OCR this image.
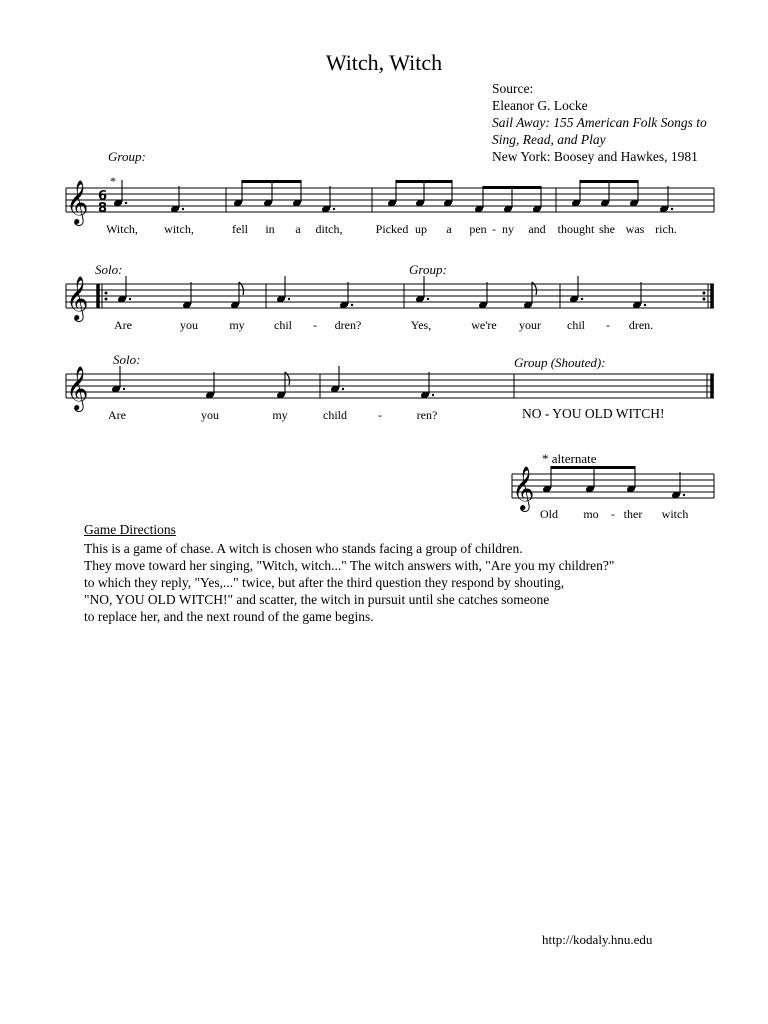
Witch, Witch
Source:
Eleanor G. Locke
Sail Away: 155 American Folk Songs to
Sing, Read, and Play
New York: Boosey and Hawkes, 1981
𝄞 6
8
*
𝄞
𝄞
𝄞
Group:
Solo:	Group:
Solo:	Group (Shouted):
Witch, witch,	fell in a ditch,	Picked up a pen - ny and thought she was rich.
Are	you	my chil - dren?	Yes,	we're your chil - dren.
Are	you	my	child	-	ren?	NO - YOU OLD WITCH!
* alternate
Old mo - ther witch
Game Directions
This is a game of chase. A witch is chosen who stands facing a group of children.
They move toward her singing, "Witch, witch..." The witch answers with, "Are you my children?"
to which they reply, "Yes,..." twice, but after the third question they respond by shouting,
"NO, YOU OLD WITCH!" and scatter, the witch in pursuit until she catches someone
to replace her, and the next round of the game begins.
http://kodaly.hnu.edu
